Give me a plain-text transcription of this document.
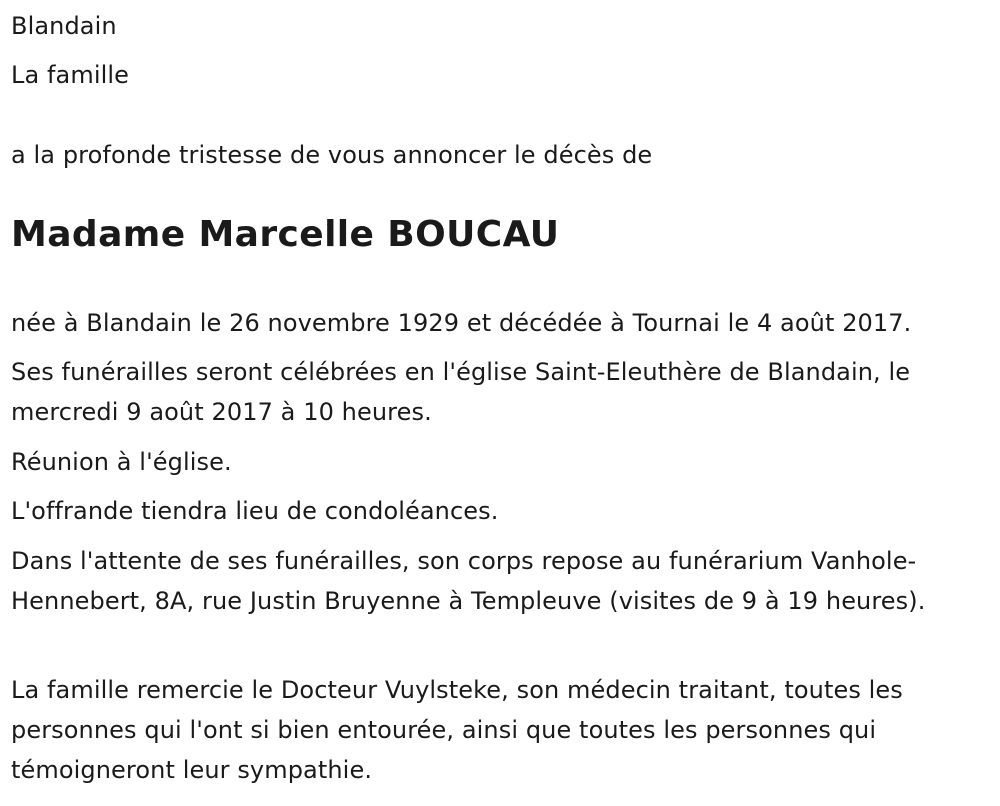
Blandain

La famille

a la profonde tristesse de vous annoncer le décès de

Madame Marcelle BOUCAU

née à Blandain le 26 novembre 1929 et décédée à Tournai le 4 août 2017.

Ses funérailles seront célébrées en l'église Saint-Eleuthère de Blandain, le mercredi 9 août 2017 à 10 heures.

Réunion à l'église.

L'offrande tiendra lieu de condoléances.

Dans l'attente de ses funérailles, son corps repose au funérarium Vanhole-Hennebert, 8A, rue Justin Bruyenne à Templeuve (visites de 9 à 19 heures).

La famille remercie le Docteur Vuylsteke, son médecin traitant, toutes les personnes qui l'ont si bien entourée, ainsi que toutes les personnes qui témoigneront leur sympathie.
